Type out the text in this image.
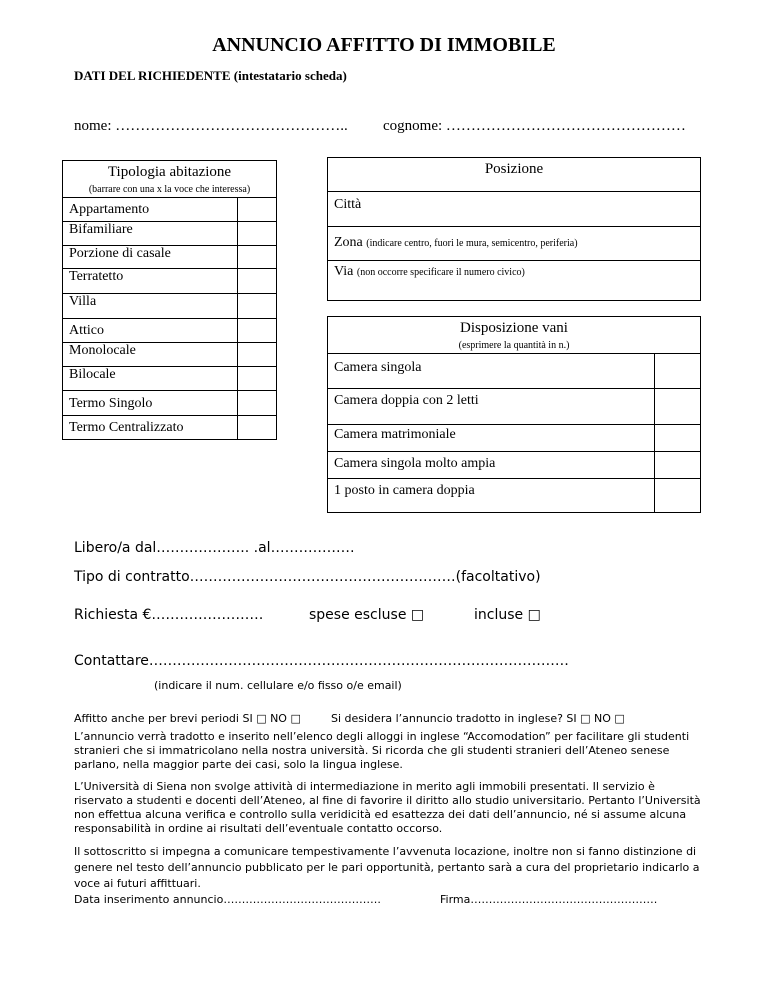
ANNUNCIO AFFITTO DI IMMOBILE
DATI DEL RICHIEDENTE (intestatario scheda)
nome: ……………………………………….. cognome: …………………………………………
Tipologia abitazione
(barrare con una x la voce che interessa)	

Appartamento	
Bifamiliare	
Porzione di casale	
Terratetto	
Villa	
Attico	
Monolocale	
Bilocale	
Termo Singolo	
Termo Centralizzato	
Posizione
Città
Zona (indicare centro, fuori le mura, semicentro, periferia)
Via (non occorre specificare il numero civico)
Disposizione vani
(esprimere la quantità in n.)	

Camera singola	
Camera doppia con 2 letti	
Camera matrimoniale	
Camera singola molto ampia	
1 posto in camera doppia	
Libero/a dal……………….. .al………………
Tipo di contratto…………………………………………………(facoltativo)
Richiesta €……………………	spese escluse □	incluse □
Contattare………………………………………………………………………………
(indicare il num. cellulare e/o fisso o/e email)
Affitto anche per brevi periodi SI □ NO □	Si desidera l’annuncio tradotto in inglese? SI □ NO □

L’annuncio verrà tradotto e inserito nell’elenco degli alloggi in inglese “Accomodation” per facilitare gli studenti stranieri che si immatricolano nella nostra università. Si ricorda che gli studenti stranieri dell’Ateneo senese parlano, nella maggior parte dei casi, solo la lingua inglese.

L’Università di Siena non svolge attività di intermediazione in merito agli immobili presentati. Il servizio è riservato a studenti e docenti dell’Ateneo, al fine di favorire il diritto allo studio universitario. Pertanto l’Università non effettua alcuna verifica e controllo sulla veridicità ed esattezza dei dati dell’annuncio, né si assume alcuna responsabilità in ordine ai risultati dell’eventuale contatto occorso.

Il sottoscritto si impegna a comunicare tempestivamente l’avvenuta locazione, inoltre non si fanno distinzione di genere nel testo dell’annuncio pubblicato per le pari opportunità, pertanto sarà a cura del proprietario indicarlo a voce ai futuri affittuari.

Data inserimento annuncio…………………………………….	Firma……………………………………………
